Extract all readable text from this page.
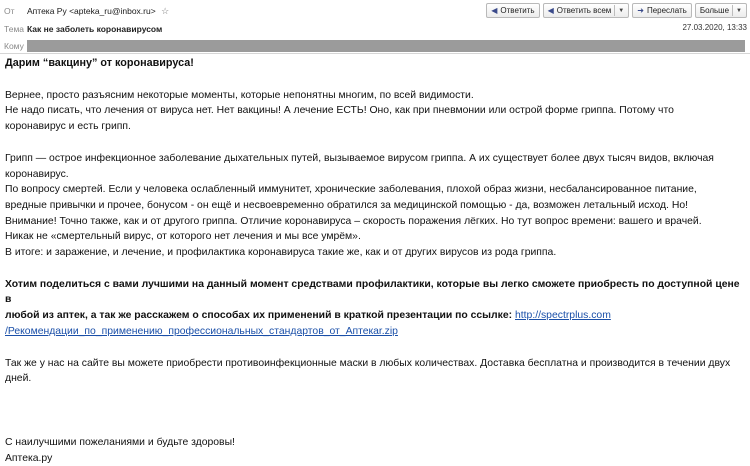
От	Аптека Ру <apteka_ru@inbox.ru> ☆
Тема Как не заболеть коронавирусом
Кому
◀ Ответить ◀ Ответить всем ▼ ➜ Переслать Больше ▼
27.03.2020, 13:33

Дарим “вакцину” от коронавируса!

Вернее, просто разъясним некоторые моменты, которые непонятны многим, по всей видимости.

Не надо писать, что лечения от вируса нет. Нет вакцины! А лечение ЕСТЬ! Оно, как при пневмонии или острой форме гриппа. Потому что

коронавирус и есть грипп.

Грипп — острое инфекционное заболевание дыхательных путей, вызываемое вирусом гриппа. А их существует более двух тысяч видов, включая

коронавирус.

По вопросу смертей. Если у человека ослабленный иммунитет, хронические заболевания, плохой образ жизни, несбалансированное питание,

вредные привычки и прочее, бонусом - он ещё и несвоевременно обратился за медицинской помощью - да, возможен летальный исход. Но!

Внимание! Точно также, как и от другого гриппа. Отличие коронавируса – скорость поражения лёгких. Но тут вопрос времени: вашего и врачей.

Никак не «смертельный вирус, от которого нет лечения и мы все умрём».

В итоге: и заражение, и лечение, и профилактика коронавируса такие же, как и от других вирусов из рода гриппа.

Хотим поделиться с вами лучшими на данный момент средствами профилактики, которые вы легко сможете приобресть по доступной цене в

любой из аптек, а так же расскажем о способах их применений в краткой презентации по ссылке: http://spectrplus.com

/Рекомендации_по_применению_профессиональных_стандартов_от_Аптекar.zip

Так же у нас на сайте вы можете приобрести противоинфекционные маски в любых количествах. Доставка бесплатна и производится в течении двух

дней.

С наилучшими пожеланиями и будьте здоровы!

Аптека.ру
